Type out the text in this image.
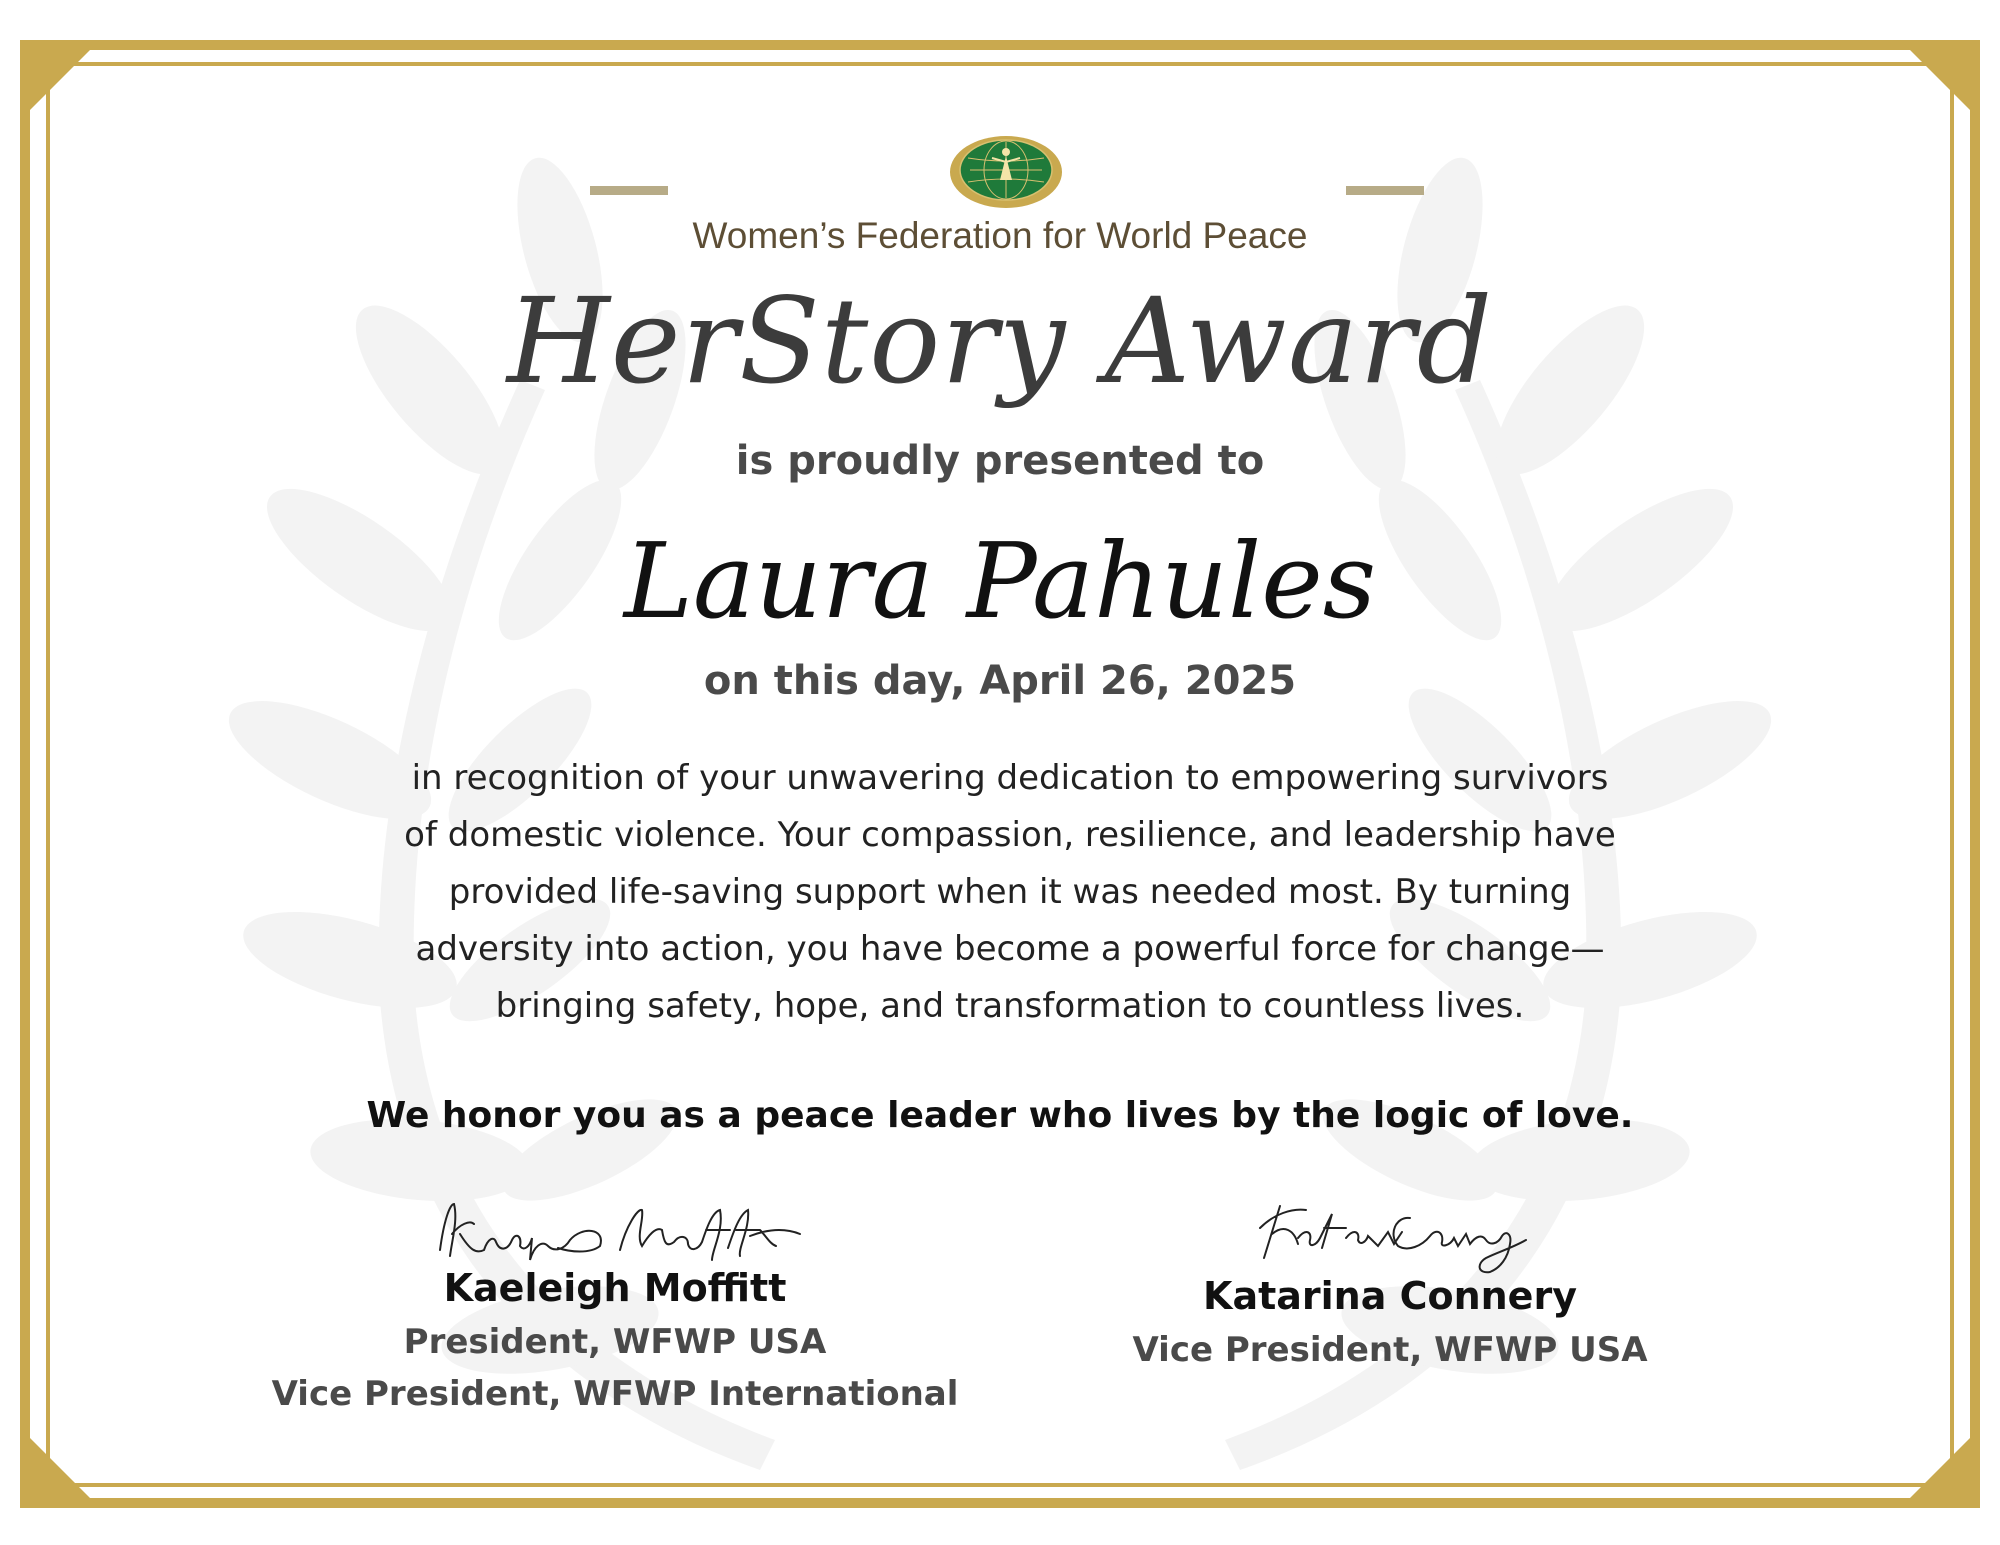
Women’s Federation for World Peace
HerStory Award
is proudly presented to
Laura Pahules
on this day, April 26, 2025
in recognition of your unwavering dedication to empowering survivors of domestic violence. Your compassion, resilience, and leadership have provided life-saving support when it was needed most. By turning adversity into action, you have become a powerful force for change—bringing safety, hope, and transformation to countless lives.
We honor you as a peace leader who lives by the logic of love.
Kaeleigh Moffitt
President, WFWP USA
Vice President, WFWP International
Katarina Connery
Vice President, WFWP USA
